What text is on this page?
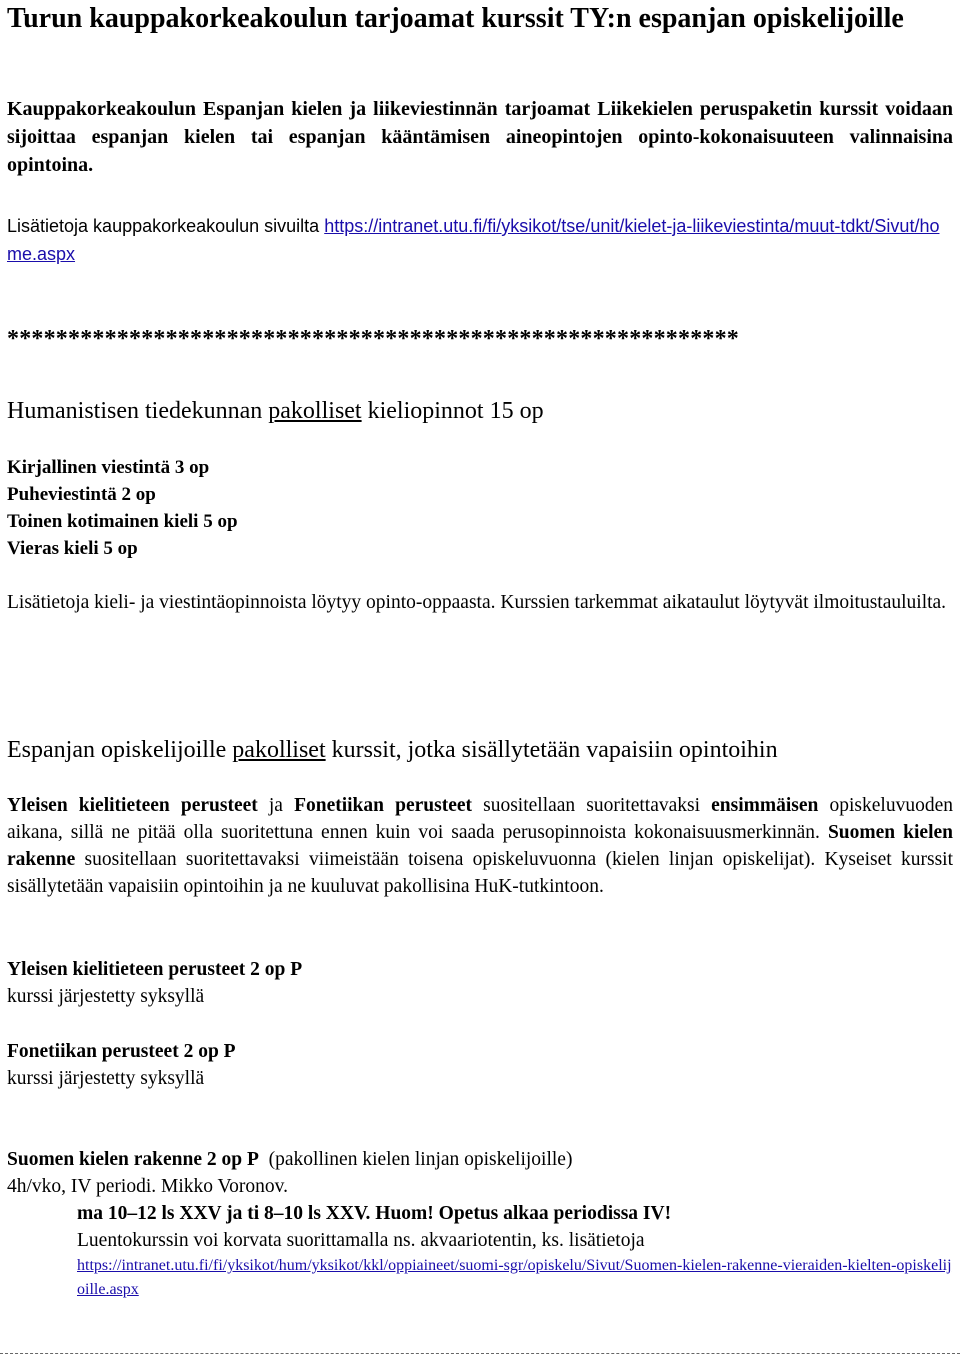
Turun kauppakorkeakoulun tarjoamat kurssit TY:n espanjan opiskelijoille
Kauppakorkeakoulun Espanjan kielen ja liikeviestinnän tarjoamat Liikekielen peruspaketin kurssit voidaan sijoittaa espanjan kielen tai espanjan kääntämisen aineopintojen opinto-kokonaisuuteen valinnaisina opintoina.
Lisätietoja kauppakorkeakoulun sivuilta https://intranet.utu.fi/fi/yksikot/tse/unit/kielet-ja-liikeviestinta/muut-tdkt/Sivut/home.aspx
************************************************************
Humanistisen tiedekunnan pakolliset kieliopinnot 15 op
Kirjallinen viestintä 3 op
Puheviestintä 2 op
Toinen kotimainen kieli 5 op
Vieras kieli 5 op
Lisätietoja kieli- ja viestintäopinnoista löytyy opinto-oppaasta. Kurssien tarkemmat aikataulut löytyvät ilmoitustauluilta.
Espanjan opiskelijoille pakolliset kurssit, jotka sisällytetään vapaisiin opintoihin
Yleisen kielitieteen perusteet ja Fonetiikan perusteet suositellaan suoritettavaksi ensimmäisen opiskeluvuoden aikana, sillä ne pitää olla suoritettuna ennen kuin voi saada perusopinnoista kokonaisuusmerkinnän. Suomen kielen rakenne suositellaan suoritettavaksi viimeistään toisena opiskeluvuonna (kielen linjan opiskelijat). Kyseiset kurssit sisällytetään vapaisiin opintoihin ja ne kuuluvat pakollisina HuK-tutkintoon.
Yleisen kielitieteen perusteet 2 op P
kurssi järjestetty syksyllä
Fonetiikan perusteet 2 op P
kurssi järjestetty syksyllä
Suomen kielen rakenne 2 op P  (pakollinen kielen linjan opiskelijoille)
4h/vko, IV periodi. Mikko Voronov.
ma 10–12 ls XXV ja ti 8–10 ls XXV. Huom! Opetus alkaa periodissa IV!
Luentokurssin voi korvata suorittamalla ns. akvaariotentin, ks. lisätietoja
https://intranet.utu.fi/fi/yksikot/hum/yksikot/kkl/oppiaineet/suomi-sgr/opiskelu/Sivut/Suomen-kielen-rakenne-vieraiden-kielten-opiskelijoille.aspx
